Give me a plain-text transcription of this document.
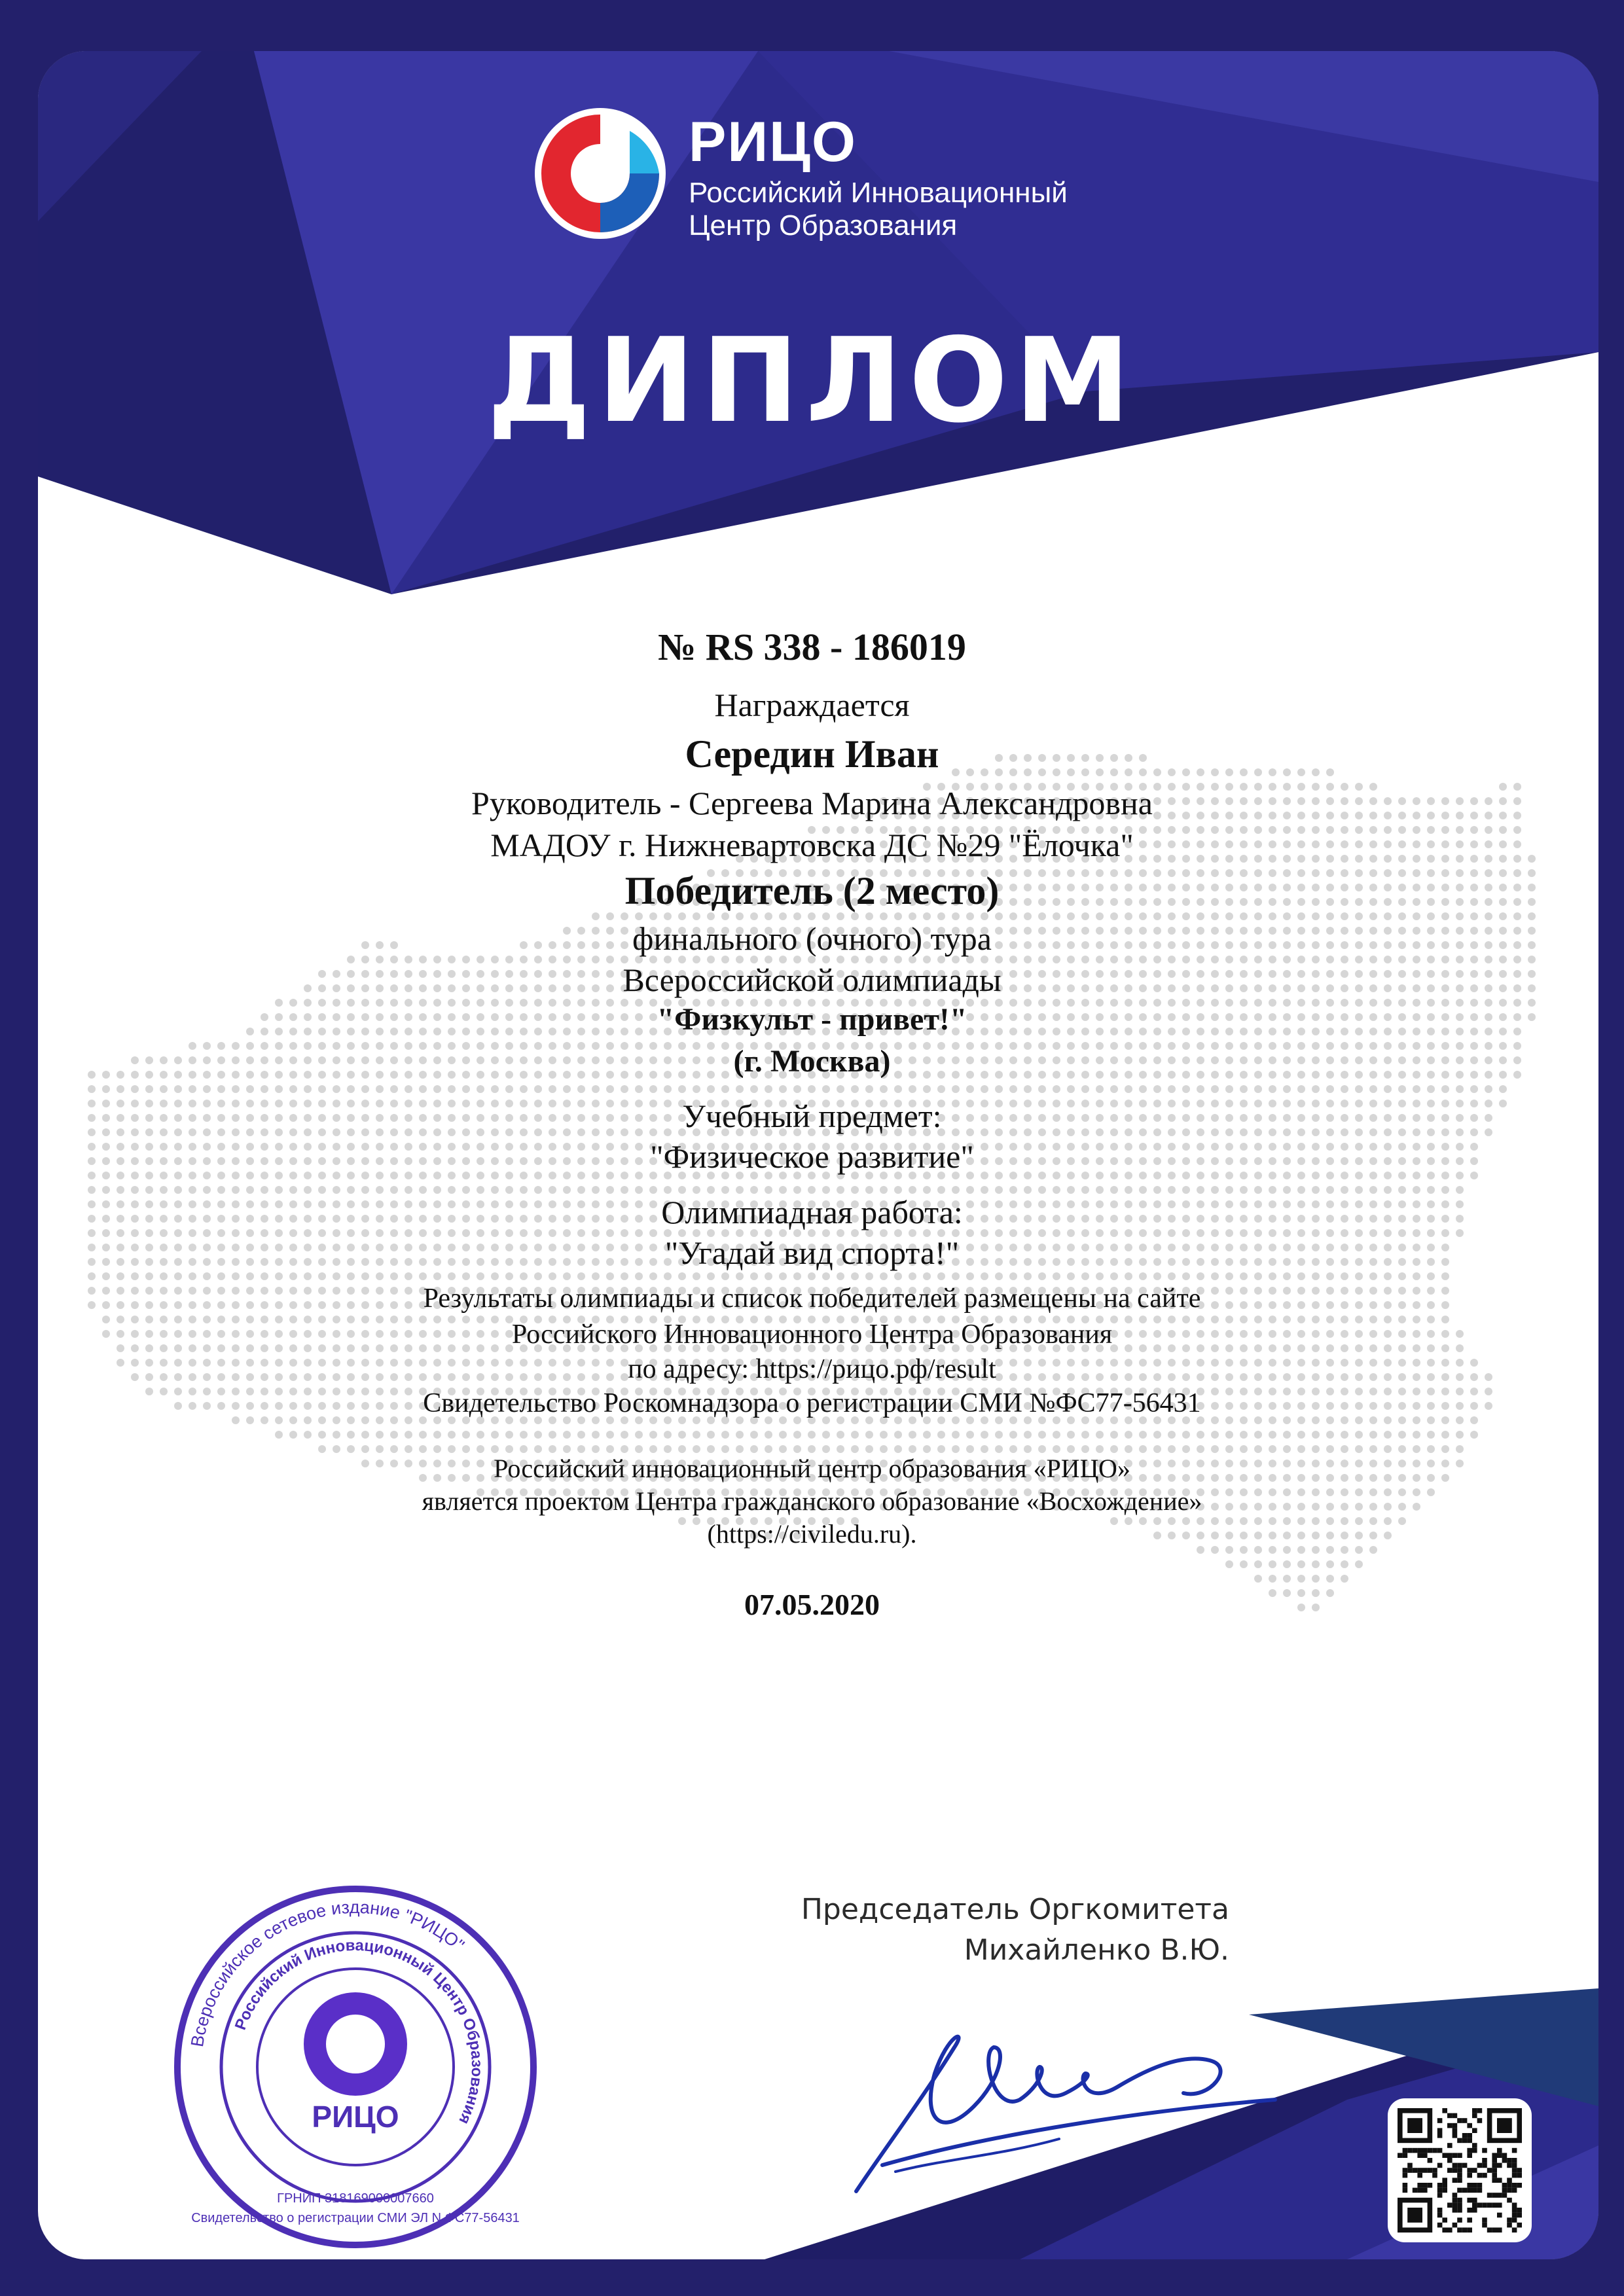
Всероссийское сетевое издание "РИЦО"
Российский Инновационный Центр Образования
РИЦО
ГРНИП 318169000007660
Свидетельство о регистрации СМИ ЭЛ N ФС77-56431
РИЦО
Российский Инновационный
Центр Образования
ДИПЛОМ
№ RS 338 - 186019
Награждается
Середин Иван
Руководитель - Сергеева Марина Александровна
МАДОУ г. Нижневартовска ДС №29 "Ёлочка"
Победитель (2 место)
финального (очного) тура
Всероссийской олимпиады
"Физкульт - привет!"
(г. Москва)
Учебный предмет:
"Физическое развитие"
Олимпиадная работа:
"Угадай вид спорта!"
Результаты олимпиады и список победителей размещены на сайте
Российского Инновационного Центра Образования
по адресу: https://рицо.рф/result
Свидетельство Роскомнадзора о регистрации СМИ №ФС77-56431
Российский инновационный центр образования «РИЦО»
является проектом Центра гражданского образование «Восхождение»
(https://civiledu.ru).
07.05.2020
Председатель Оргкомитета
Михайленко В.Ю.
